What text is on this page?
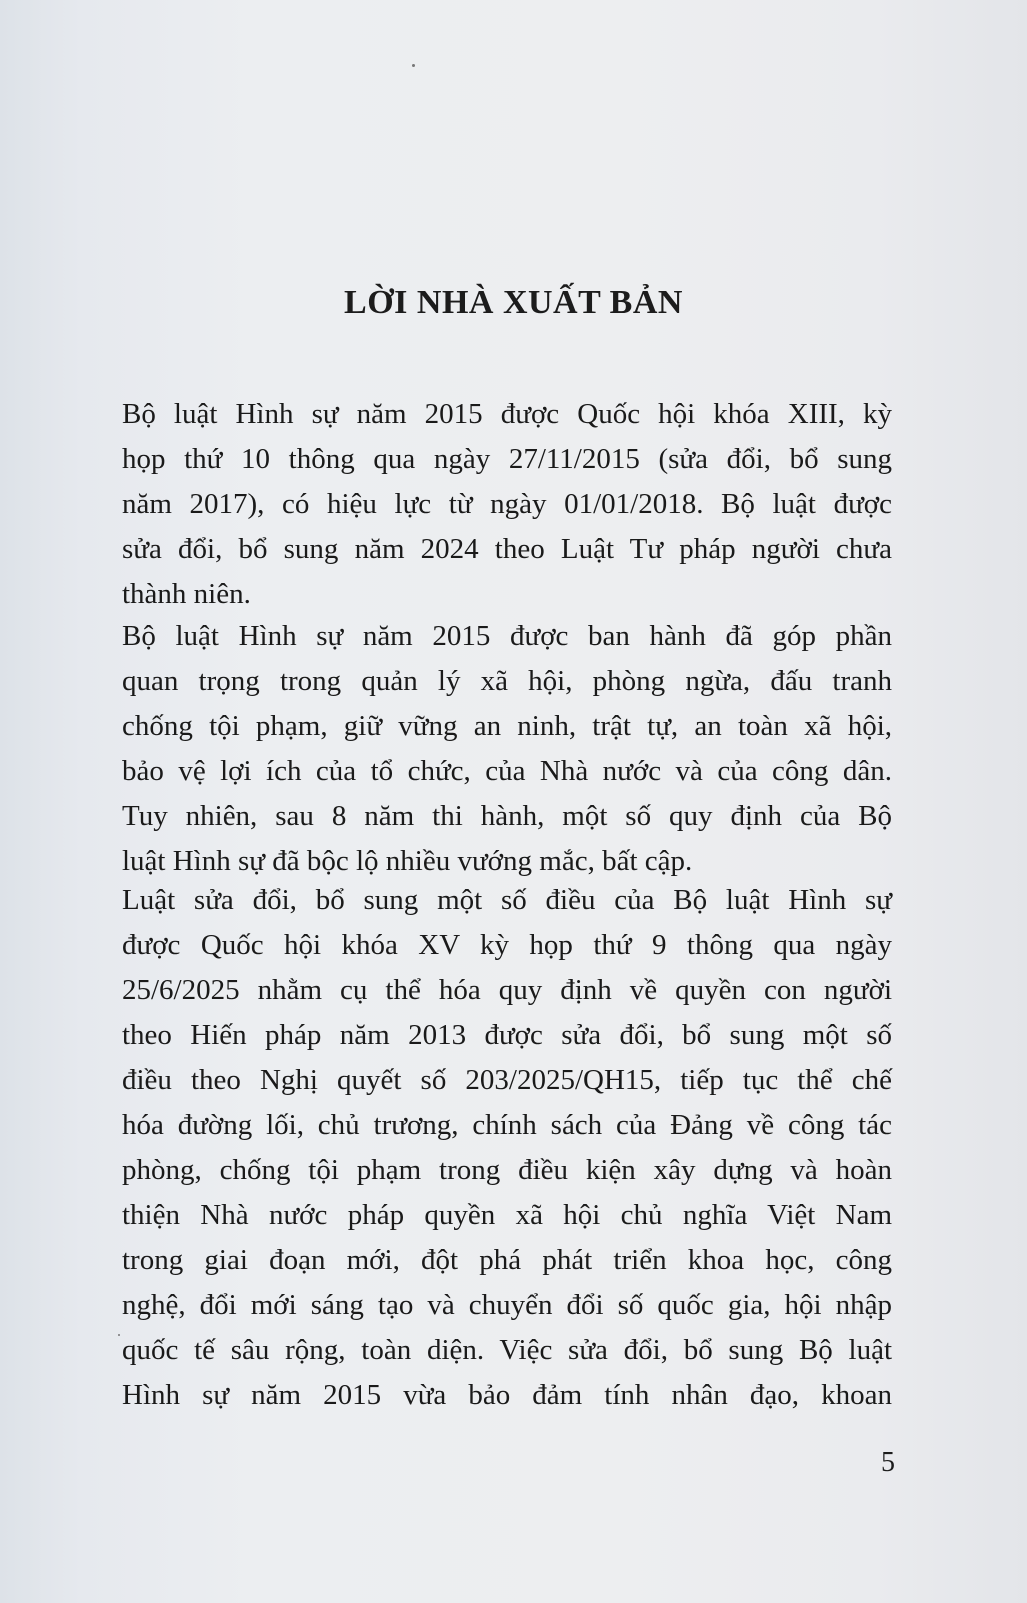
LỜI NHÀ XUẤT BẢN
Bộ luật Hình sự năm 2015 được Quốc hội khóa XIII, kỳ
họp thứ 10 thông qua ngày 27/11/2015 (sửa đổi, bổ sung
năm 2017), có hiệu lực từ ngày 01/01/2018. Bộ luật được
sửa đổi, bổ sung năm 2024 theo Luật Tư pháp người chưa
thành niên.
Bộ luật Hình sự năm 2015 được ban hành đã góp phần
quan trọng trong quản lý xã hội, phòng ngừa, đấu tranh
chống tội phạm, giữ vững an ninh, trật tự, an toàn xã hội,
bảo vệ lợi ích của tổ chức, của Nhà nước và của công dân.
Tuy nhiên, sau 8 năm thi hành, một số quy định của Bộ
luật Hình sự đã bộc lộ nhiều vướng mắc, bất cập.
Luật sửa đổi, bổ sung một số điều của Bộ luật Hình sự
được Quốc hội khóa XV kỳ họp thứ 9 thông qua ngày
25/6/2025 nhằm cụ thể hóa quy định về quyền con người
theo Hiến pháp năm 2013 được sửa đổi, bổ sung một số
điều theo Nghị quyết số 203/2025/QH15, tiếp tục thể chế
hóa đường lối, chủ trương, chính sách của Đảng về công tác
phòng, chống tội phạm trong điều kiện xây dựng và hoàn
thiện Nhà nước pháp quyền xã hội chủ nghĩa Việt Nam
trong giai đoạn mới, đột phá phát triển khoa học, công
nghệ, đổi mới sáng tạo và chuyển đổi số quốc gia, hội nhập
quốc tế sâu rộng, toàn diện. Việc sửa đổi, bổ sung Bộ luật
Hình sự năm 2015 vừa bảo đảm tính nhân đạo, khoan
5
